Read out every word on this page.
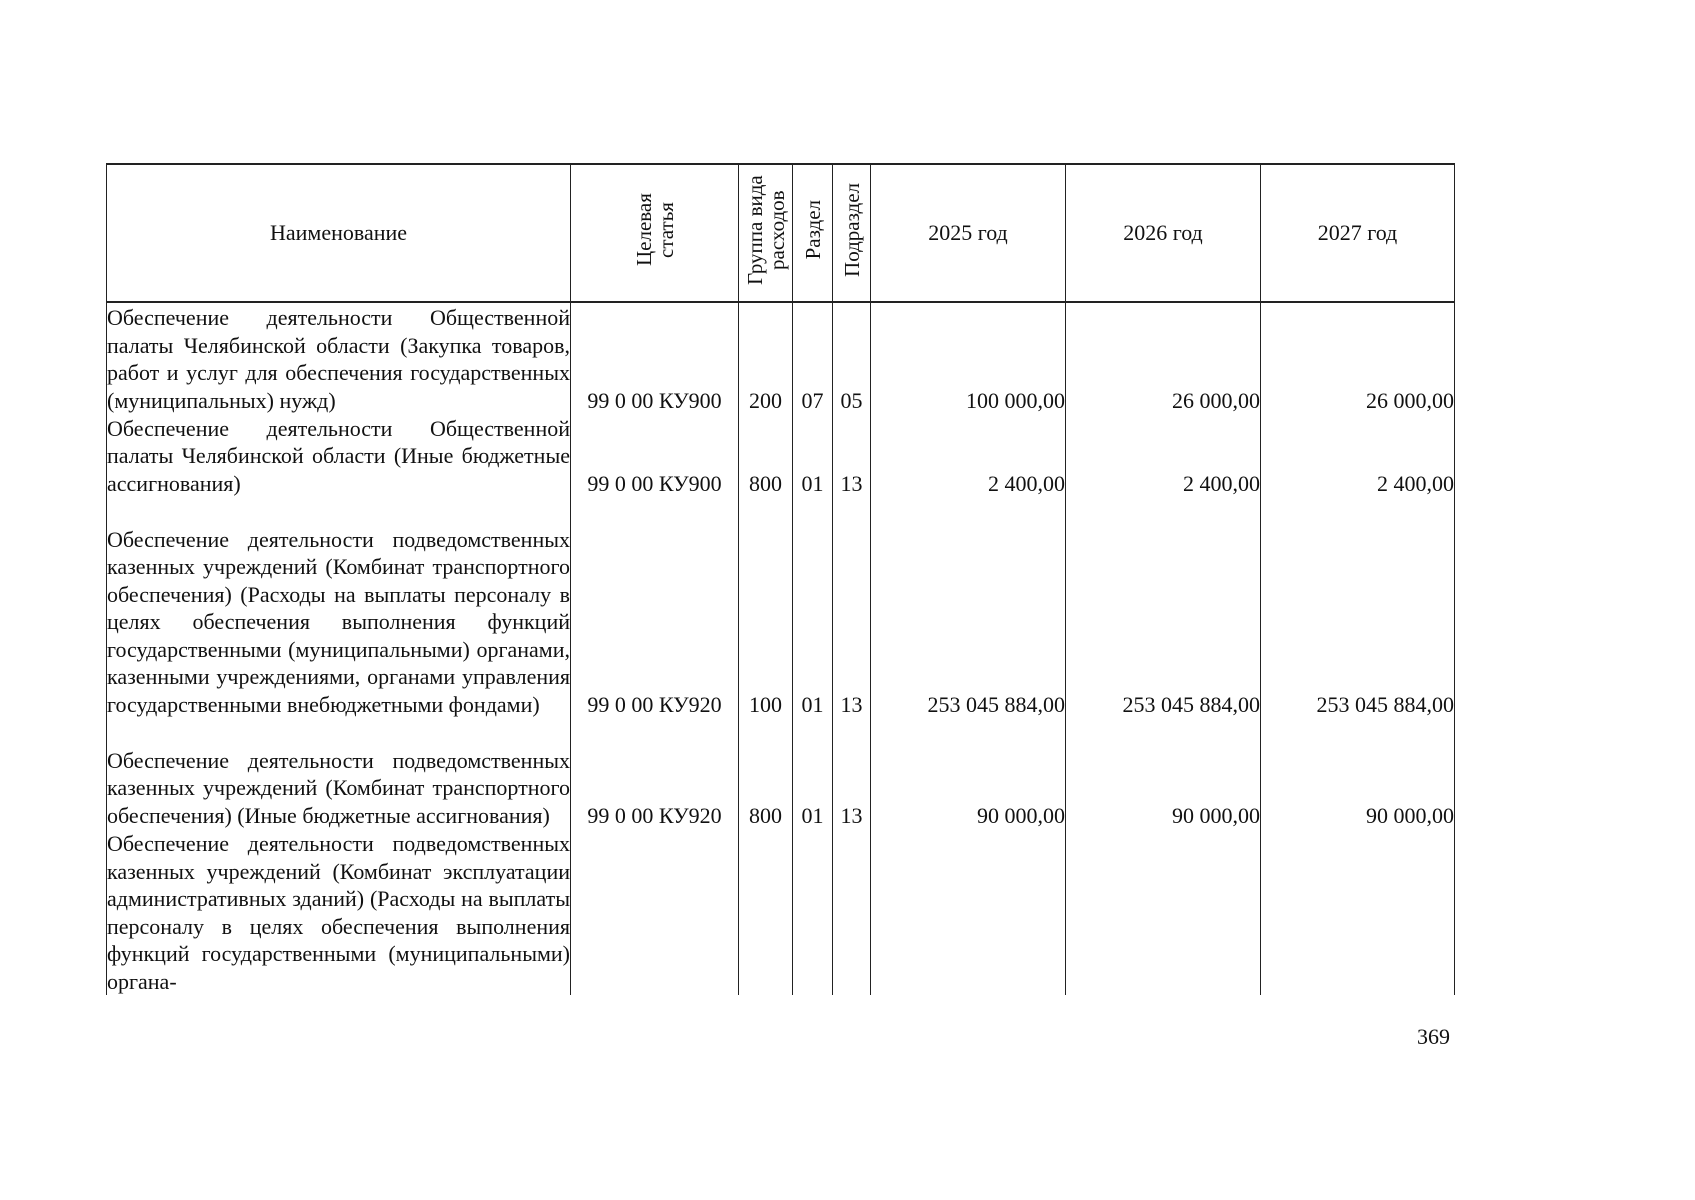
Наименование	Целевая статья	Группа вида расходов	Раздел	Подраздел	2025 год	2026 год	2027 год
Обеспечение деятельности Общественной палаты Челябинской области (Закупка товаров, работ и услуг для обеспечения государственных (муниципальных) нужд)	99 0 00 КУ900	200	07	05	100 000,00	26 000,00	26 000,00
Обеспечение деятельности Общественной палаты Челябинской области (Иные бюджетные ассигнования)	99 0 00 КУ900	800	01	13	2 400,00	2 400,00	2 400,00
Обеспечение деятельности подведомственных казенных учреждений (Комбинат транспортного обеспечения) (Расходы на выплаты персоналу в целях обеспечения выполнения функций государственными (муниципальными) органами, казенными учреждениями, органами управления государственными внебюджетными фондами)	99 0 00 КУ920	100	01	13	253 045 884,00	253 045 884,00	253 045 884,00
Обеспечение деятельности подведомственных казенных учреждений (Комбинат транспортного обеспечения) (Иные бюджетные ассигнования)	99 0 00 КУ920	800	01	13	90 000,00	90 000,00	90 000,00
Обеспечение деятельности подведомственных казенных учреждений (Комбинат эксплуатации административных зданий) (Расходы на выплаты персоналу в целях обеспечения выполнения функций государственными (муниципальными) органа-							
369
